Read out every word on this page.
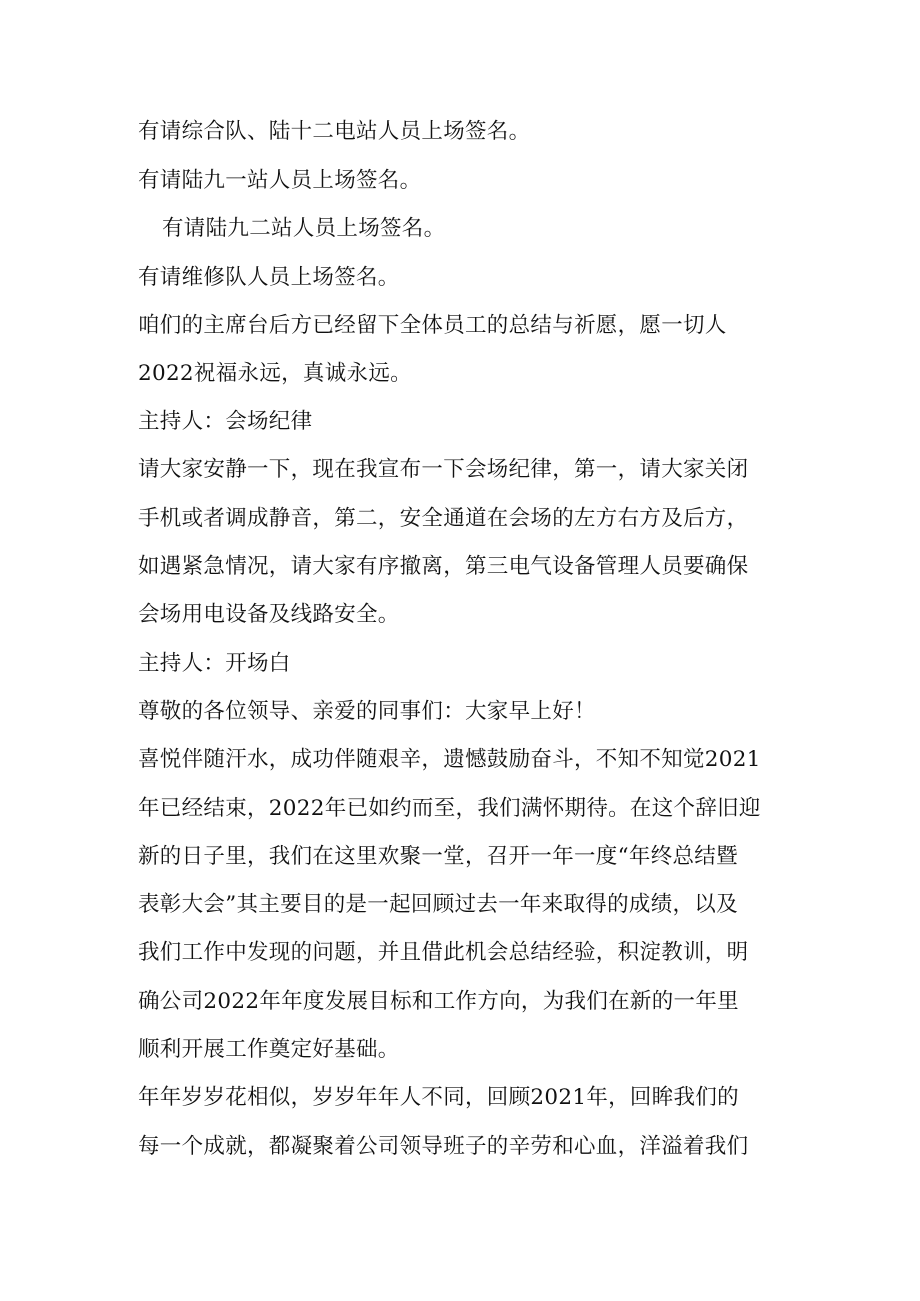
有请综合队、陆十二电站人员上场签名。
有请陆九一站人员上场签名。
有请陆九二站人员上场签名。
有请维修队人员上场签名。
咱们的主席台后方已经留下全体员工的总结与祈愿，愿一切人
2022祝福永远，真诚永远。
主持人：会场纪律
请大家安静一下，现在我宣布一下会场纪律，第一，请大家关闭
手机或者调成静音，第二，安全通道在会场的左方右方及后方，
如遇紧急情况，请大家有序撤离，第三电气设备管理人员要确保
会场用电设备及线路安全。
主持人：开场白
尊敬的各位领导、亲爱的同事们：大家早上好！
喜悦伴随汗水，成功伴随艰辛，遗憾鼓励奋斗，不知不知觉2021
年已经结束，2022年已如约而至，我们满怀期待。在这个辞旧迎
新的日子里，我们在这里欢聚一堂，召开一年一度“年终总结暨
表彰大会”其主要目的是一起回顾过去一年来取得的成绩，以及
我们工作中发现的问题，并且借此机会总结经验，积淀教训，明
确公司2022年年度发展目标和工作方向，为我们在新的一年里
顺利开展工作奠定好基础。
年年岁岁花相似，岁岁年年人不同，回顾2021年，回眸我们的
每一个成就，都凝聚着公司领导班子的辛劳和心血，洋溢着我们
